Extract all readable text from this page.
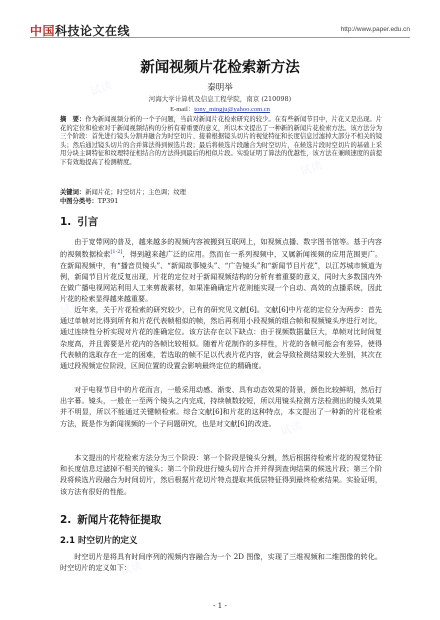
中国科技论文在线	http://www.paper.edu.cn
新闻视频片花检索新方法
秦明举
河海大学计算机及信息工程学院，南京 (210098)
E-mail：tony_mingju@yahoo.com.cn
摘　要：作为新闻视频分析的一个子问题，当前对新闻片花检索研究的较少。在有些新闻节目中，片花又是出现。片花的定位和检索对于新闻视频结构的分析有着重要的意义，所以本文提出了一种新的新闻片花检索方法。该方法分为三个阶段：首先进行镜头分割并融合为时空切片、接着根据镜头切片的视觉特征和长度信息过滤掉大部分不相关的镜头；然后通过镜头切片的合并算法得到候选片段；最后将候选片段融合为时空切片，在候选片段时空切片的基础上采用分块主调特征和纹理特征相结合的方法得到最后的相似片段。实验证明了算法的优越性，该方法在兼顾速度的前提下有效地提高了检测精度。
关键词：新闻片花；时空切片；主色调；纹理
中图分类号：TP391
1. 引言
由于宽带网的普及，越来越多的视频内容被搬到互联网上，如视频点播、数字图书馆等。基于内容的视频数据检索[1-2]，得到越来越广泛的应用。然而在一系列视频中，又属新闻视频的应用范围更广。在新闻视频中，有“播音员镜头”、“新闻故事镜头”、“广告镜头”和“新闻节目片花”，以江苏城市频道为例，新闻节目片花反复出现，片花的定位对于新闻视频结构的分析有着重要的意义，同时大多数国内外在做广播电视网站利用人工来剪裁素材，如果准确确定片花则能实现一个自动、高效的点播系统，因此片花的检索显得越来越重要。
近年来，关于片花检索的研究较少，已有的研究见文献[6]。文献[6]中片花的定位分为两步：首先通过单帧对比得到所有和片花代表帧相似的帧，然后再利用小段视频的组合帧和视频镜头序进行对比，通过连续性分析实现对片花的准确定位。该方法存在以下缺点：由于视频数据量巨大，单帧对比时间复杂度高，并且需要是片花内的各帧比较相似。随着片花制作的多样性，片花的各帧可能会有差异，使得代表帧的选取存在一定的困难，若选取的帧不足以代表片花内容，就会导致检测结果较大差别，其次在通过段视频定位阶段，区间位置的设置会影响最终定位的精确度。
对于电视节目中的片花而言，一般采用动感、渐变、具有动态效果的背景，颜色比较鲜明，然后打出字幕。镜头，一般在一至两个镜头之内完成，持续帧数较短，所以用镜头检测方法检测出的镜头效果并不明显，所以不能通过关键帧检索。综合文献[6]和片花的这种特点，本文提出了一种新的片花检索方法，既是作为新闻视频的一个子问题研究，也是对文献[6]的改进。
本文提出的片花检索方法分为三个阶段：第一个阶段是镜头分割，然后根据待检索片花的视觉特征和长度信息过滤掉不相关的镜头；第二个阶段进行镜头切片合并并得到查询结果的候选片段；第三个阶段将候选片段融合为时间切片，然后根据片花切片特点提取其低层特征得到最终检索结果。实验证明，该方法有很好的性能。
2. 新闻片花特征提取
2.1 时空切片的定义
时空切片是将具有时间序列的视频内容融合为一个 2D 图像，实现了三维视频和二维图像的转化。时空切片的定义如下：
- 1 -
试读
试读
试读
试读
试读
